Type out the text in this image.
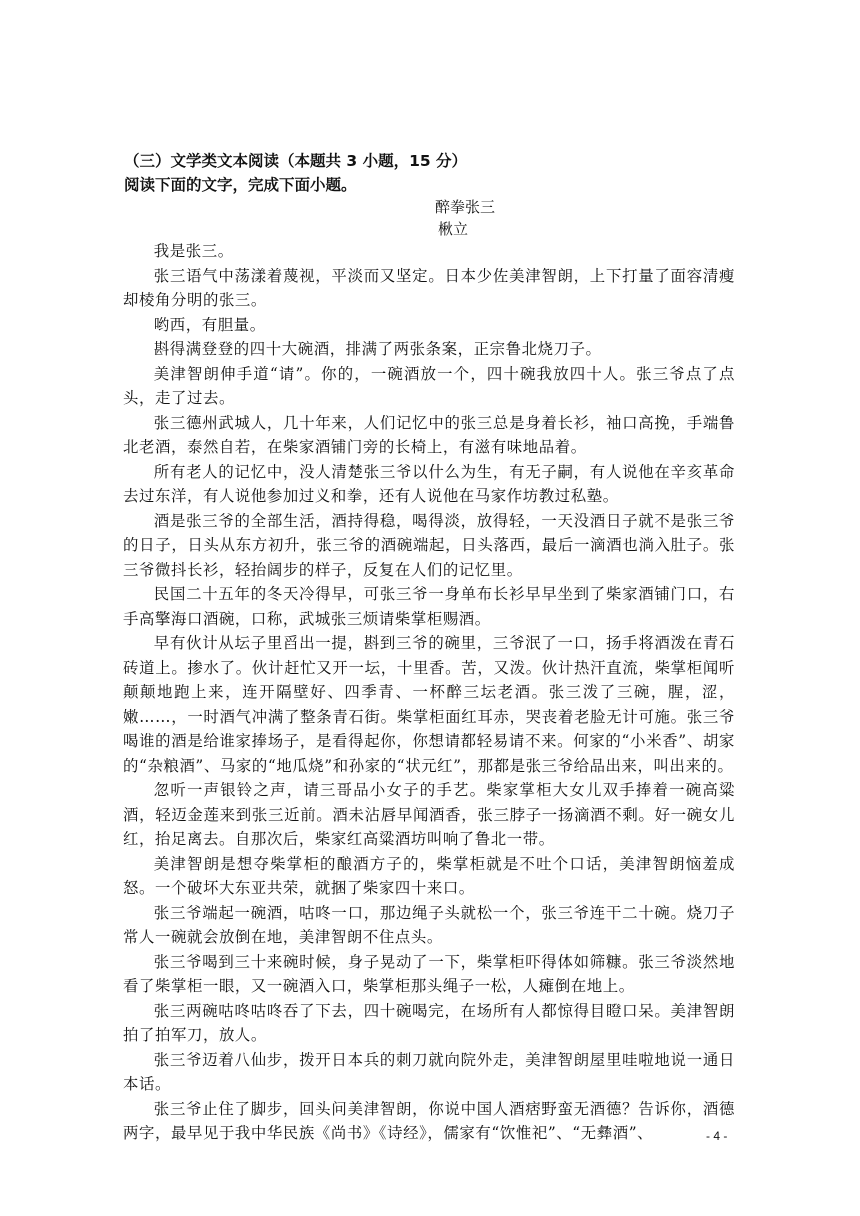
（三）文学类文本阅读（本题共 3 小题，15 分）
阅读下面的文字，完成下面小题。
醉拳张三
楸立

我是张三。

张三语气中荡漾着蔑视，平淡而又坚定。日本少佐美津智朗，上下打量了面容清瘦却棱角分明的张三。

哟西，有胆量。

斟得满登登的四十大碗酒，排满了两张条案，正宗鲁北烧刀子。

美津智朗伸手道“请”。你的，一碗酒放一个，四十碗我放四十人。张三爷点了点头，走了过去。

张三德州武城人，几十年来，人们记忆中的张三总是身着长衫，袖口高挽，手端鲁北老酒，泰然自若，在柴家酒铺门旁的长椅上，有滋有味地品着。

所有老人的记忆中，没人清楚张三爷以什么为生，有无子嗣，有人说他在辛亥革命去过东洋，有人说他参加过义和拳，还有人说他在马家作坊教过私塾。

酒是张三爷的全部生活，酒持得稳，喝得淡，放得轻，一天没酒日子就不是张三爷的日子，日头从东方初升，张三爷的酒碗端起，日头落西，最后一滴酒也淌入肚子。张三爷微抖长衫，轻抬阔步的样子，反复在人们的记忆里。

民国二十五年的冬天冷得早，可张三爷一身单布长衫早早坐到了柴家酒铺门口，右手高擎海口酒碗，口称，武城张三烦请柴掌柜赐酒。

早有伙计从坛子里舀出一提，斟到三爷的碗里，三爷泯了一口，扬手将酒泼在青石砖道上。掺水了。伙计赶忙又开一坛，十里香。苦，又泼。伙计热汗直流，柴掌柜闻听颠颠地跑上来，连开隔壁好、四季青、一杯醉三坛老酒。张三泼了三碗，腥，涩，嫩……，一时酒气冲满了整条青石街。柴掌柜面红耳赤，哭丧着老脸无计可施。张三爷喝谁的酒是给谁家捧场子，是看得起你，你想请都轻易请不来。何家的“小米香”、胡家的“杂粮酒”、马家的“地瓜烧”和孙家的“状元红”，那都是张三爷给品出来，叫出来的。

忽听一声银铃之声，请三哥品小女子的手艺。柴家掌柜大女儿双手捧着一碗高粱酒，轻迈金莲来到张三近前。酒未沾唇早闻酒香，张三脖子一扬滴酒不剩。好一碗女儿红，抬足离去。自那次后，柴家红高粱酒坊叫响了鲁北一带。

美津智朗是想夺柴掌柜的酿酒方子的，柴掌柜就是不吐个口话，美津智朗恼羞成怒。一个破坏大东亚共荣，就捆了柴家四十来口。

张三爷端起一碗酒，咕咚一口，那边绳子头就松一个，张三爷连干二十碗。烧刀子常人一碗就会放倒在地，美津智朗不住点头。

张三爷喝到三十来碗时候，身子晃动了一下，柴掌柜吓得体如筛糠。张三爷淡然地看了柴掌柜一眼，又一碗酒入口，柴掌柜那头绳子一松，人瘫倒在地上。

张三两碗咕咚咕咚吞了下去，四十碗喝完，在场所有人都惊得目瞪口呆。美津智朗拍了拍军刀，放人。

张三爷迈着八仙步，拨开日本兵的刺刀就向院外走，美津智朗屋里哇啦地说一通日本话。

张三爷止住了脚步，回头问美津智朗，你说中国人酒痞野蛮无酒德？告诉你，酒德两字，最早见于我中华民族《尚书》《诗经》，儒家有“饮惟祀”、“无彝酒”、	- 4 -
